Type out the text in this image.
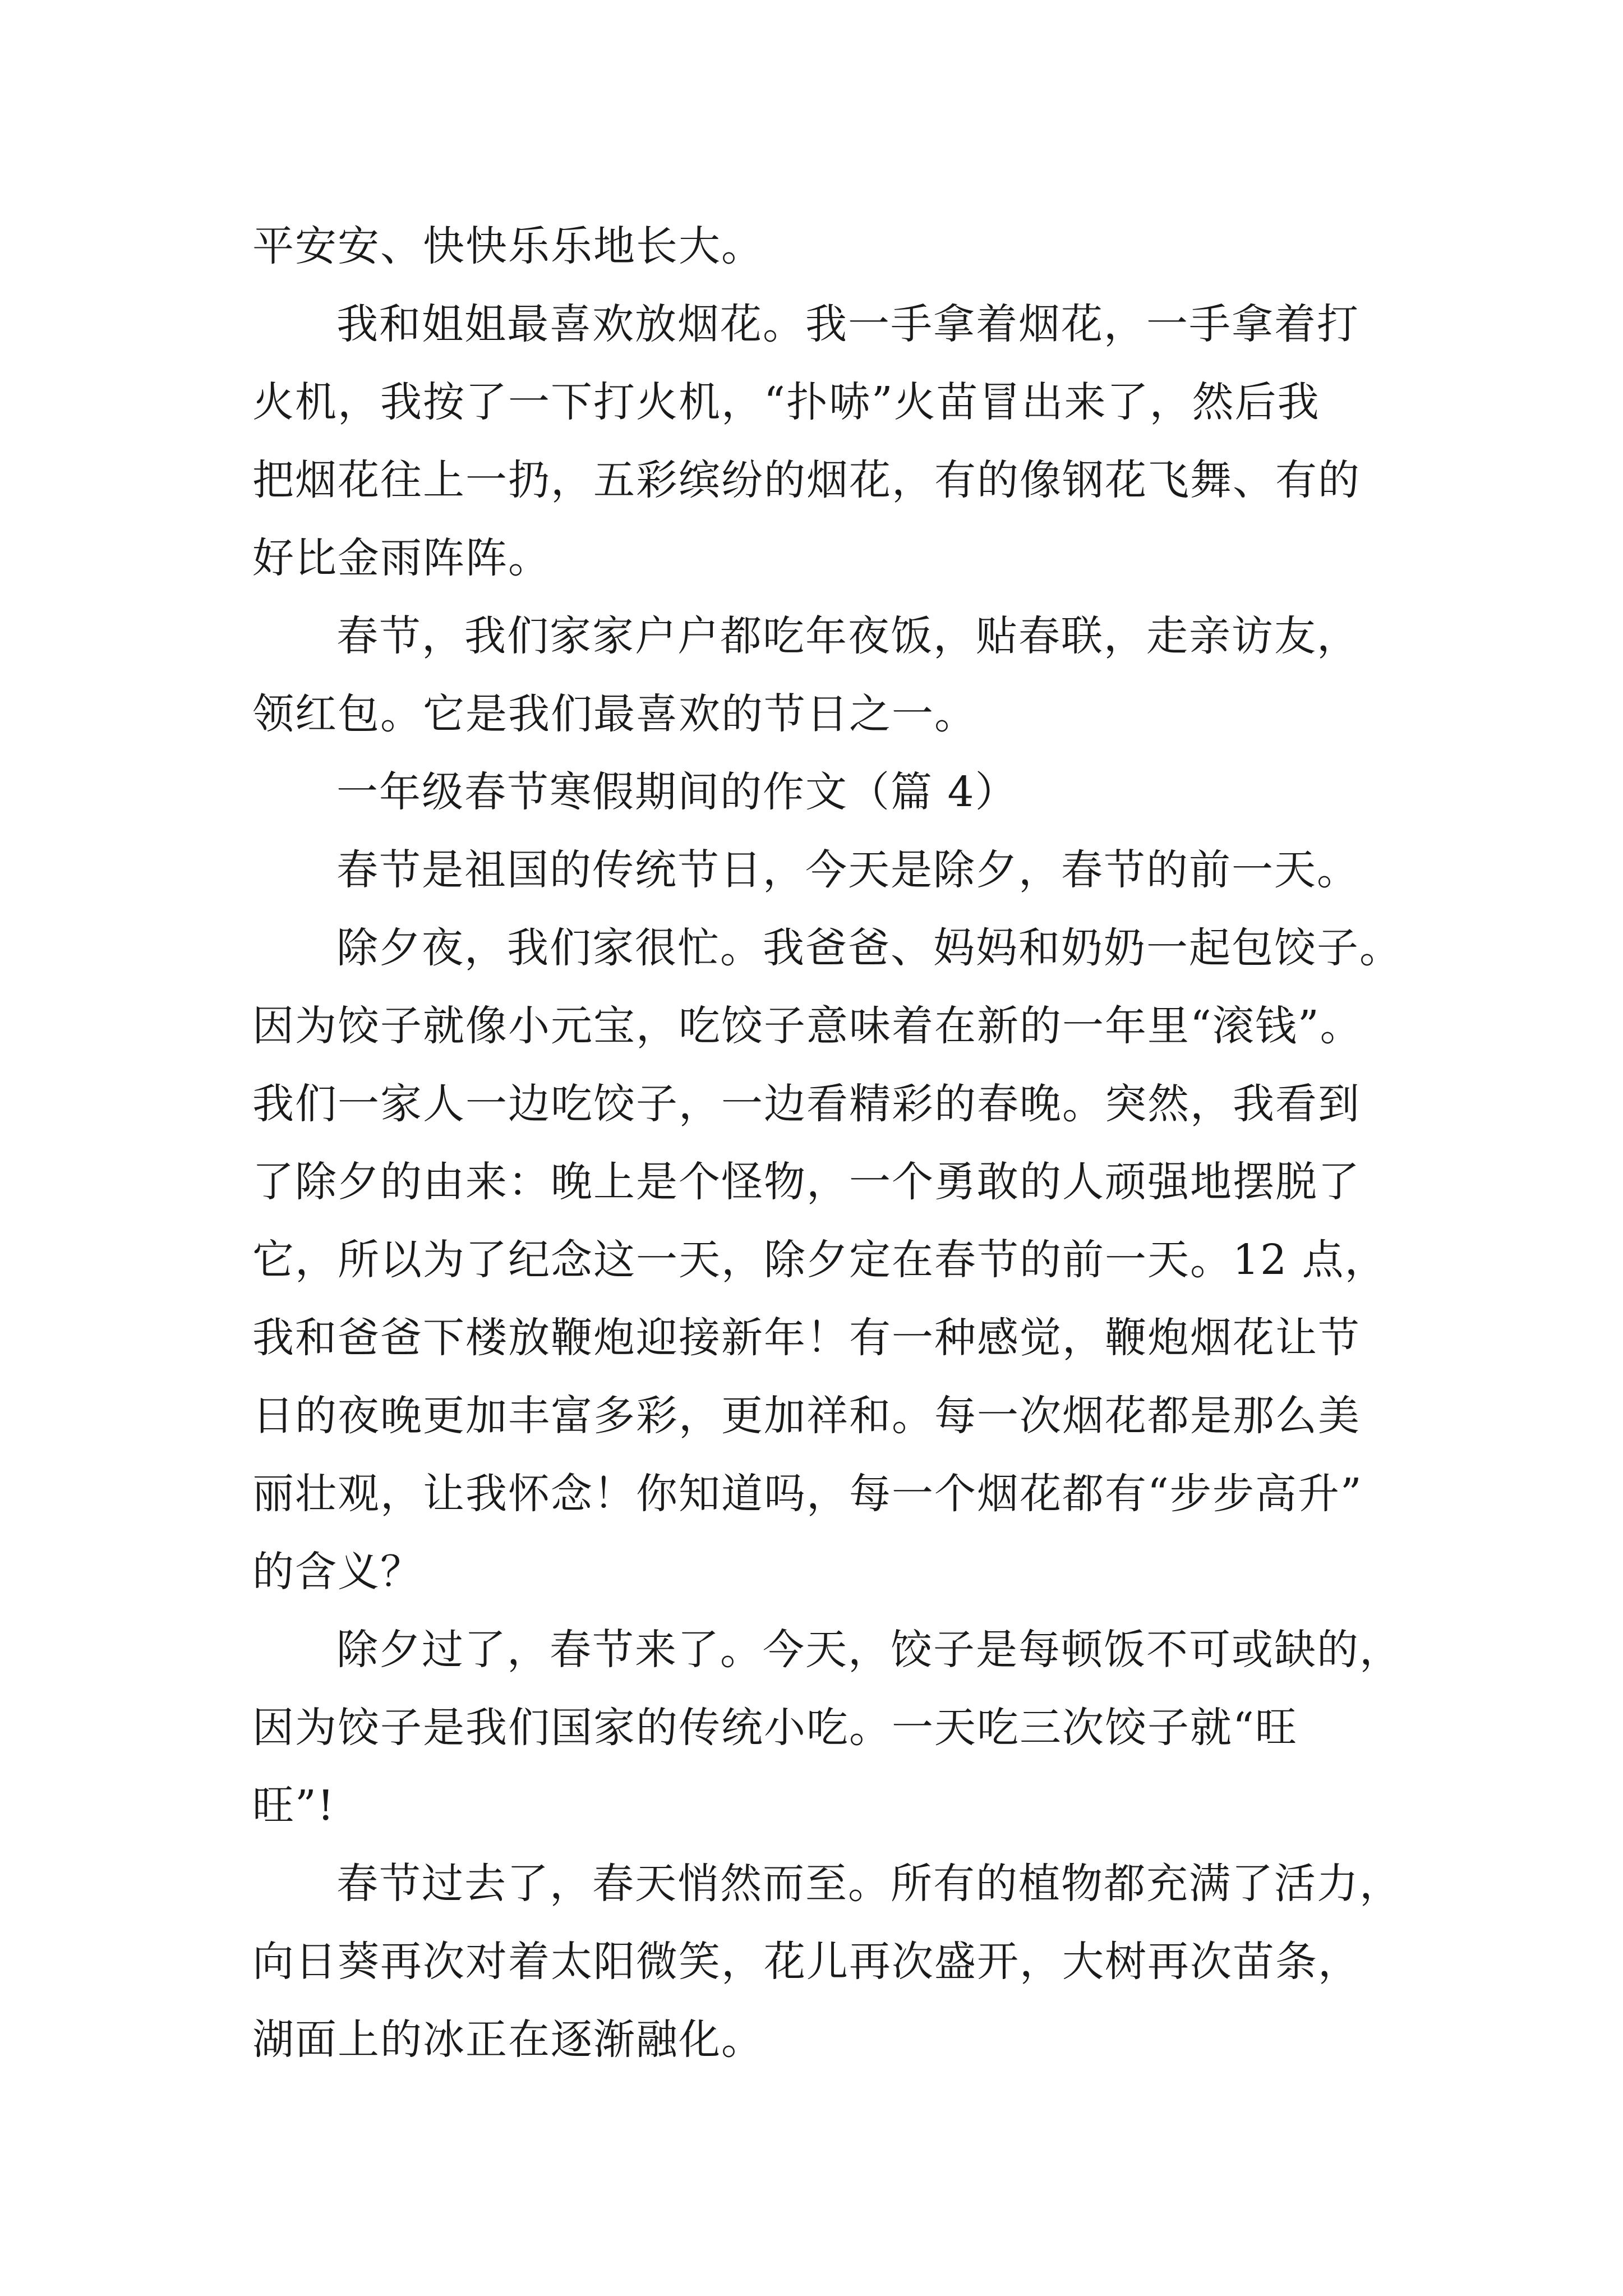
平安安、快快乐乐地长大。
我和姐姐最喜欢放烟花。我一手拿着烟花，一手拿着打
火机，我按了一下打火机，“扑哧”火苗冒出来了，然后我
把烟花往上一扔，五彩缤纷的烟花，有的像钢花飞舞、有的
好比金雨阵阵。
春节，我们家家户户都吃年夜饭，贴春联，走亲访友，
领红包。它是我们最喜欢的节日之一。
一年级春节寒假期间的作文（篇 4）
春节是祖国的传统节日，今天是除夕，春节的前一天。
除夕夜，我们家很忙。我爸爸、妈妈和奶奶一起包饺子。
因为饺子就像小元宝，吃饺子意味着在新的一年里“滚钱”。
我们一家人一边吃饺子，一边看精彩的春晚。突然，我看到
了除夕的由来：晚上是个怪物，一个勇敢的人顽强地摆脱了
它，所以为了纪念这一天，除夕定在春节的前一天。12 点，
我和爸爸下楼放鞭炮迎接新年！有一种感觉，鞭炮烟花让节
日的夜晚更加丰富多彩，更加祥和。每一次烟花都是那么美
丽壮观，让我怀念！你知道吗，每一个烟花都有“步步高升”
的含义？
除夕过了，春节来了。今天，饺子是每顿饭不可或缺的，
因为饺子是我们国家的传统小吃。一天吃三次饺子就“旺
旺”!
春节过去了，春天悄然而至。所有的植物都充满了活力，
向日葵再次对着太阳微笑，花儿再次盛开，大树再次苗条，
湖面上的冰正在逐渐融化。
